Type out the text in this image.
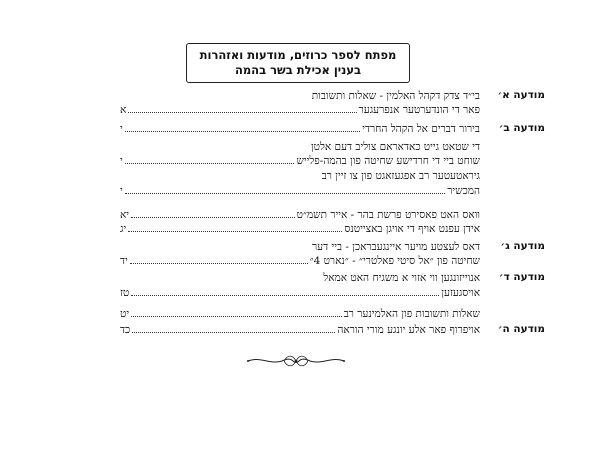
מפתח לספר כרוזים, מודעות ואזהרות
בענין אכילת בשר בהמה
מודעה א׳
בי״ד צדק דקהל האלמין - שאלות ותשובות
פאר די הונדערטער אנפרעגער
א
מודעה ב׳
בירור דברים אל הקהל החרדי
י
די שטאט גייט כאדאראם צוליב דעם אלטן
שוחט ביי די חרדישע שחיטה פון בהמה-פלייש
י
גיראטעטער רב אפגעזאגט פון צו זיין רב
המכשיר
י
וואס האט פאסירט פרשת בהר - אייר תשמ״ט
יא
אידן עפנט אויף די אויגן באצייטנס
יג
מודעה ג׳
דאס לעצטע מויער איינגעבראכן - ביי דער
שחיטה פון ״אל סיטי פאלטרי״ - ״נארט 4״
יד
מודעה ד׳
אנוייזונגען ווי אזוי א משגיח האט אמאל
אויסגעזען
טז
שאלות ותשובות פון האלמינער רב
יט
מודעה ה׳
אויפרוף פאר אלע יונגע מורי הוראה
כד
